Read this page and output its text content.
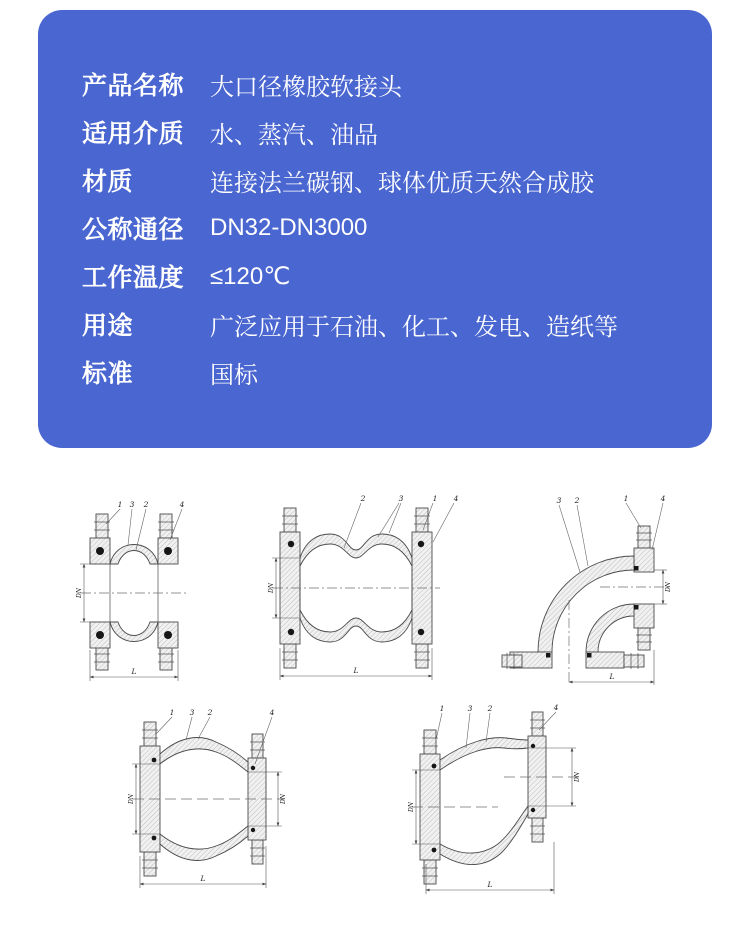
产品名称	大口径橡胶软接头
适用介质	水、蒸汽、油品
材质	连接法兰碳钢、球体优质天然合成胶
公称通径	DN32-DN3000
工作温度	≤120℃
用途	广泛应用于石油、化工、发电、造纸等
标准	国标
DN
L
1 3 2	4
DN
L
2	3	1 4
DN
L
3 2	1	4
DN	DN
L
1 3 2	4
DN
DN
L
1	3 2	4
